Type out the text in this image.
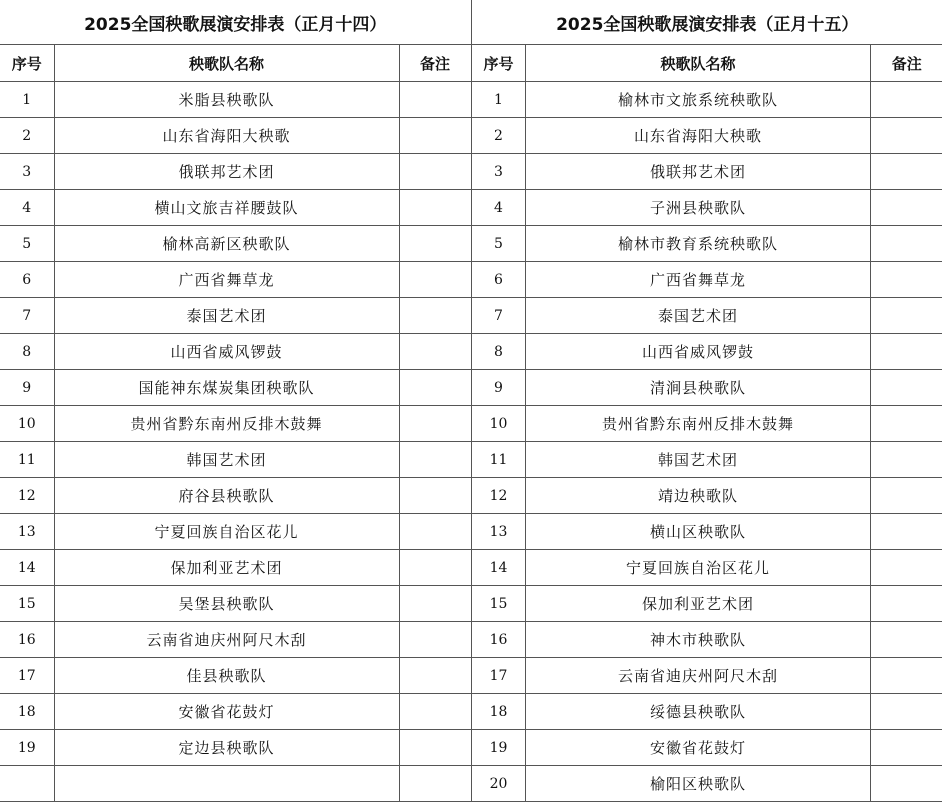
2025全国秧歌展演安排表（正月十四）		
序号	秧歌队名称	备注
1	米脂县秧歌队	
2	山东省海阳大秧歌	
3	俄联邦艺术团	
4	横山文旅吉祥腰鼓队	
5	榆林高新区秧歌队	
6	广西省舞草龙	
7	泰国艺术团	
8	山西省威风锣鼓	
9	国能神东煤炭集团秧歌队	
10	贵州省黔东南州反排木鼓舞	
11	韩国艺术团	
12	府谷县秧歌队	
13	宁夏回族自治区花儿	
14	保加利亚艺术团	
15	吴堡县秧歌队	
16	云南省迪庆州阿尺木刮	
17	佳县秧歌队	
18	安徽省花鼓灯	
19	定边县秧歌队	

2025全国秧歌展演安排表（正月十五）		
序号	秧歌队名称	备注
1	榆林市文旅系统秧歌队	
2	山东省海阳大秧歌	
3	俄联邦艺术团	
4	子洲县秧歌队	
5	榆林市教育系统秧歌队	
6	广西省舞草龙	
7	泰国艺术团	
8	山西省威风锣鼓	
9	清涧县秧歌队	
10	贵州省黔东南州反排木鼓舞	
11	韩国艺术团	
12	靖边秧歌队	
13	横山区秧歌队	
14	宁夏回族自治区花儿	
15	保加利亚艺术团	
16	神木市秧歌队	
17	云南省迪庆州阿尺木刮	
18	绥德县秧歌队	
19	安徽省花鼓灯	
20	榆阳区秧歌队	
